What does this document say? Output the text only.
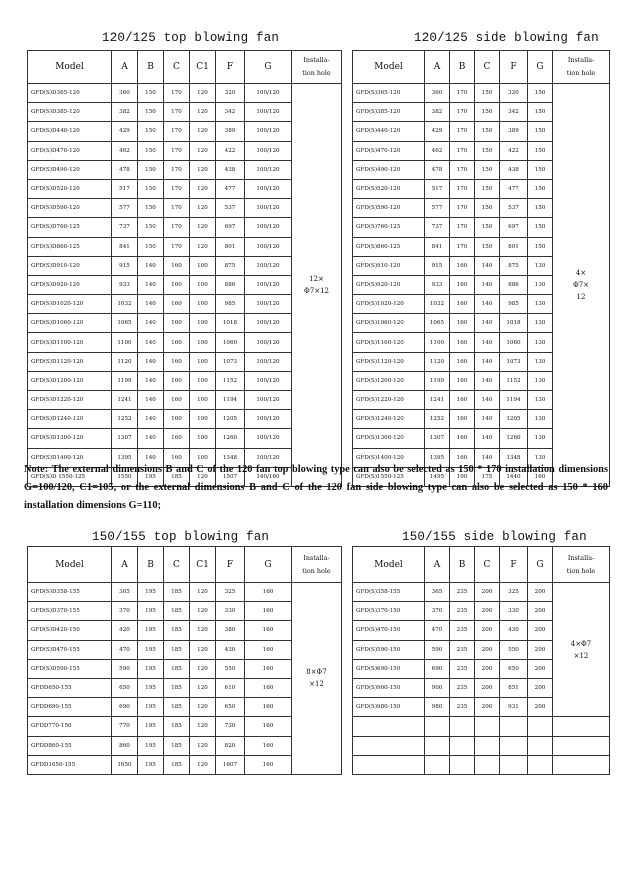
120/125 top blowing fan	120/125 side blowing fan
Model	A	B	C	C1	F	G	Installa-
tion hole
GFD(S)D365-120	360	150	170	120	320	100/120	12×
Φ7×12
GFD(S)D385-120	382	150	170	120	342	100/120	
GFD(S)D440-120	429	150	170	120	389	100/120	
GFD(S)D470-120	462	150	170	120	422	100/120	
GFD(S)D490-120	478	150	170	120	438	100/120	
GFD(S)D520-120	517	150	170	120	477	100/120	
GFD(S)D590-120	577	150	170	120	537	100/120	
GFD(S)D760-125	737	150	170	120	697	100/120	
GFD(S)D860-125	841	150	170	120	801	100/120	
GFD(S)D910-120	915	140	160	100	875	100/120	
GFD(S)D920-120	933	140	160	100	886	100/120	
GFD(S)D1020-120	1032	140	160	100	985	100/120	
GFD(S)D1060-120	1065	140	160	100	1018	100/120	
GFD(S)D1100-120	1100	140	160	100	1060	100/120	
GFD(S)D1120-120	1120	140	160	100	1073	100/120	
GFD(S)D1200-120	1199	140	160	100	1152	100/120	
GFD(S)D1220-120	1241	140	160	100	1194	100/120	
GFD(S)D1240-120	1252	140	160	100	1205	100/120	
GFD(S)D1300-120	1307	140	160	100	1260	100/120	
GFD(S)D1400-120	1395	140	160	100	1348	100/120	
GFD(S)D 1550-125	1550	195	185	120	1507	140/160	
Model	A	B	C	F	G	Installa-
tion hole
GFD(S)365-120	360	170	150	320	150	4×
Φ7×
12
GFD(S)385-120	382	170	150	342	150	
GFD(S)440-120	429	170	150	389	150	
GFD(S)470-120	462	170	150	422	150	
GFD(S)490-120	478	170	150	438	150	
GFD(S)520-120	517	170	150	477	150	
GFD(S)590-120	577	170	150	537	150	
GFD(S)760-125	737	170	150	697	150	
GFD(S)860-125	841	170	150	801	150	
GFD(S)910-120	915	160	140	875	130	
GFD(S)920-120	933	160	140	886	130	
GFD(S)1020-120	1032	160	140	985	130	
GFD(S)1060-120	1065	160	140	1018	130	
GFD(S)1100-120	1100	160	140	1060	130	
GFD(S)1120-120	1120	160	140	1073	130	
GFD(S)1200-120	1199	160	140	1152	130	
GFD(S)1220-120	1241	160	140	1194	130	
GFD(S)1240-120	1252	160	140	1205	130	
GFD(S)1300-120	1307	160	140	1260	130	
GFD(S)1400-120	1395	160	140	1348	130	
GFD(S)1550-125	1495	190	175	1440	160	
Note: The external dimensions B and C of the 120 fan top blowing type can also be selected as 150 * 170 installation dimensions G=100/120, C1=105, or the external dimensions B and C of the 120 fan side blowing type can also be selected as 150 * 160 installation dimensions G=110;
150/155 top blowing fan	150/155 side blowing fan
Model	A	B	C	C1	F	G	Installa-
tion hole
GFD(S)D358-155	365	195	185	120	325	160	8×Φ7
×12
GFD(S)D370-155	370	195	185	120	330	160	
GFD(S)D420-150	420	195	185	120	380	160	
GFD(S)D470-155	470	195	185	120	430	160	
GFD(S)D590-155	590	195	185	120	550	160	
GFDD650-155	650	195	185	120	610	160	
GFDD690-155	690	195	185	120	650	160	
GFDD770-150	770	195	185	120	730	160	
GFDD860-155	860	195	185	120	820	160	
GFDD1650-155	1650	195	185	120	1607	160	
Model	A	B	C	F	G	Installa-
tion hole
GFD(S)358-155	365	235	200	325	200	4×Φ7
×12
GFD(S)370-150	370	235	200	330	200	
GFD(S)470-150	470	235	200	430	200	
GFD(S)590-150	590	235	200	550	200	
GFD(S)690-150	690	235	200	650	200	
GFD(S)900-150	900	235	200	851	200	
GFD(S)980-150	980	235	200	931	200	
